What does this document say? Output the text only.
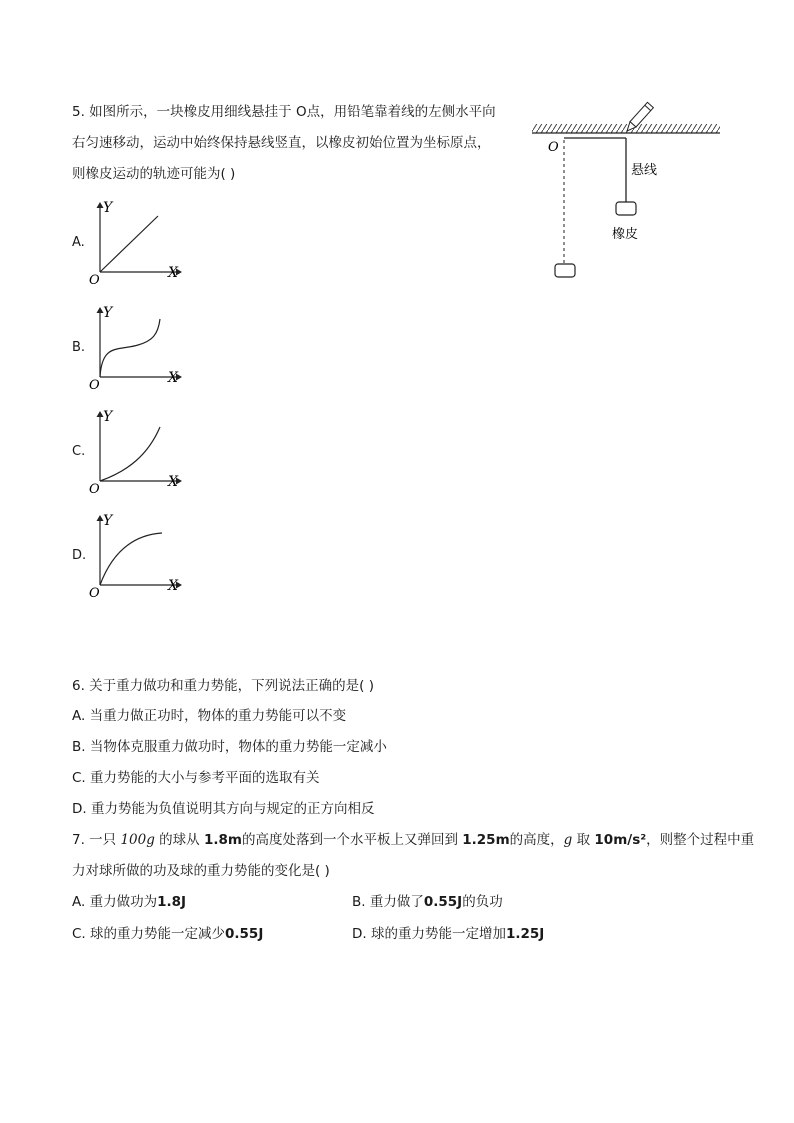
5. 如图所示，一块橡皮用细线悬挂于 O点，用铅笔靠着线的左侧水平向
右匀速移动，运动中始终保持悬线竖直，以橡皮初始位置为坐标原点，
则橡皮运动的轨迹可能为( )
A.
Y
X
O
B.
Y
X
O
C.
Y
X
O
D.
Y
X
O
O
悬线
橡皮
6. 关于重力做功和重力势能，下列说法正确的是( )
A. 当重力做正功时，物体的重力势能可以不变
B. 当物体克服重力做功时，物体的重力势能一定减小
C. 重力势能的大小与参考平面的选取有关
D. 重力势能为负值说明其方向与规定的正方向相反
7. 一只 100g 的球从 1.8m的高度处落到一个水平板上又弹回到 1.25m的高度，g 取 10m/s²，则整个过程中重
力对球所做的功及球的重力势能的变化是( )
A. 重力做功为1.8J	B. 重力做了0.55J的负功
C. 球的重力势能一定减少0.55J	D. 球的重力势能一定增加1.25J
